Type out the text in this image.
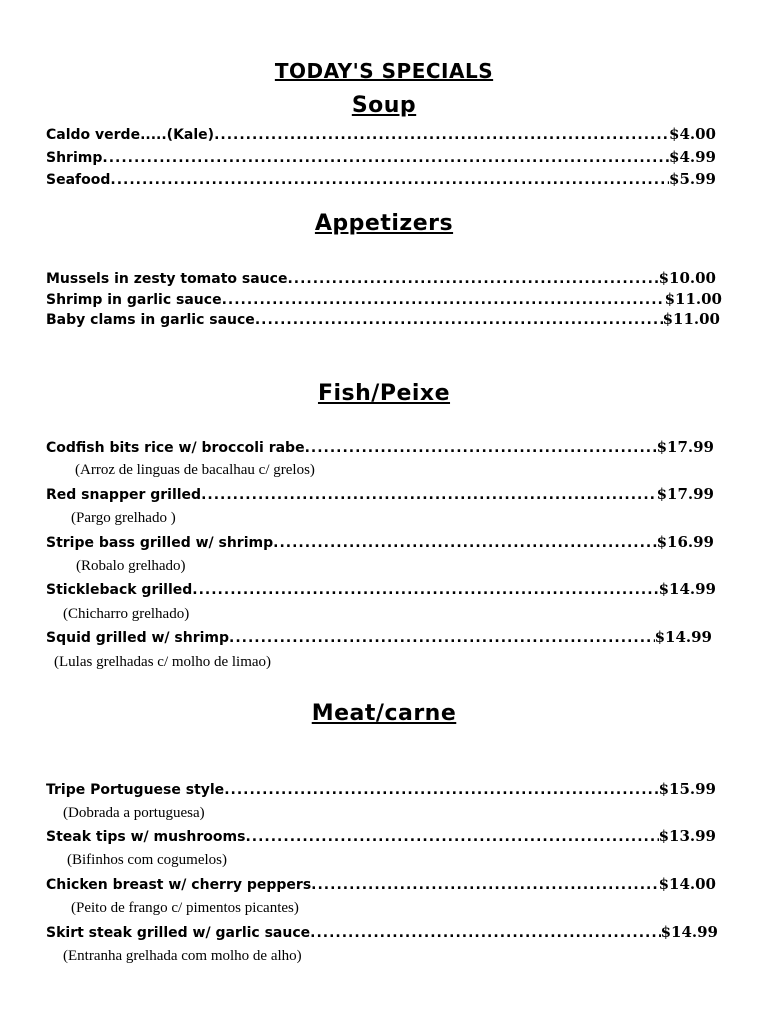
TODAY'S SPECIALS
Soup
Caldo verde.....(Kale) .....	$4.00
Shrimp .....	$4.99
Seafood .....	$5.99
Appetizers
Mussels in zesty tomato sauce .....	$10.00
Shrimp in garlic sauce .....	$11.00
Baby clams in garlic sauce .....	$11.00
Fish/Peixe
Codfish bits rice w/ broccoli rabe .....	$17.99
(Arroz de linguas de bacalhau c/ grelos)
Red snapper grilled .....	$17.99
(Pargo grelhado )
Stripe bass grilled w/ shrimp .....	$16.99
(Robalo grelhado)
Stickleback grilled .....	$14.99
(Chicharro grelhado)
Squid grilled w/ shrimp .....	$14.99
(Lulas grelhadas c/ molho de limao)
Meat/carne
Tripe Portuguese style .....	$15.99
(Dobrada a portuguesa)
Steak tips w/ mushrooms .....	$13.99
(Bifinhos com cogumelos)
Chicken breast w/ cherry peppers .....	$14.00
(Peito de frango c/ pimentos picantes)
Skirt steak grilled w/ garlic sauce .....	$14.99
(Entranha grelhada com molho de alho)
